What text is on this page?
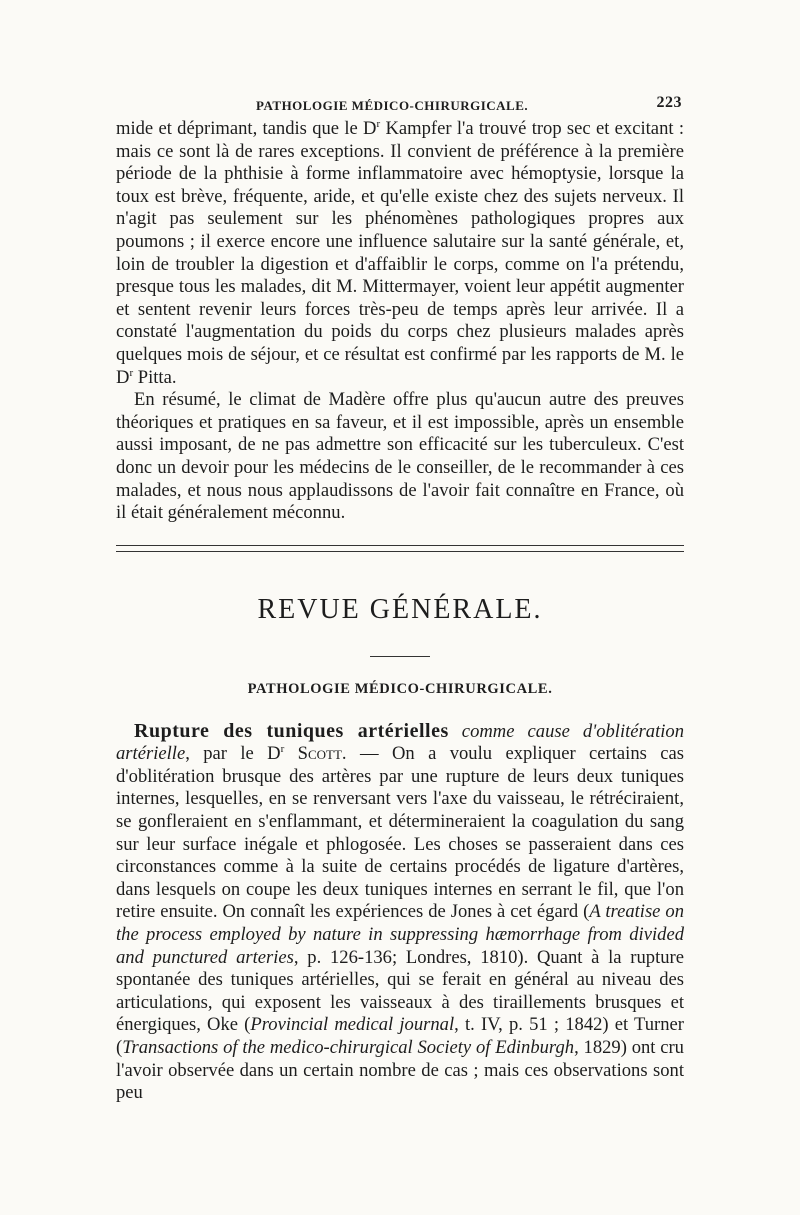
PATHOLOGIE MÉDICO-CHIRURGICALE.	223

mide et déprimant, tandis que le $D^r$ Kampfer l'a trouvé trop sec et excitant : mais ce sont là de rares exceptions. Il convient de préférence à la première période de la phthisie à forme inflammatoire avec hémoptysie, lorsque la toux est brève, fréquente, aride, et qu'elle existe chez des sujets nerveux. Il n'agit pas seulement sur les phénomènes pathologiques propres aux poumons ; il exerce encore une influence salutaire sur la santé générale, et, loin de troubler la digestion et d'affaiblir le corps, comme on l'a prétendu, presque tous les malades, dit M. Mittermayer, voient leur appétit augmenter et sentent revenir leurs forces très-peu de temps après leur arrivée. Il a constaté l'augmentation du poids du corps chez plusieurs malades après quelques mois de séjour, et ce résultat est confirmé par les rapports de M. le $D^r$ Pitta.

En résumé, le climat de Madère offre plus qu'aucun autre des preuves théoriques et pratiques en sa faveur, et il est impossible, après un ensemble aussi imposant, de ne pas admettre son efficacité sur les tuberculeux. C'est donc un devoir pour les médecins de le conseiller, de le recommander à ces malades, et nous nous applaudissons de l'avoir fait connaître en France, où il était généralement méconnu.

REVUE GÉNÉRALE.
PATHOLOGIE MÉDICO-CHIRURGICALE.

Rupture des tuniques artérielles comme cause d'oblitération artérielle, par le $D^r$ Scott. — On a voulu expliquer certains cas d'oblitération brusque des artères par une rupture de leurs deux tuniques internes, lesquelles, en se renversant vers l'axe du vaisseau, le rétréciraient, se gonfleraient en s'enflammant, et détermineraient la coagulation du sang sur leur surface inégale et phlogosée. Les choses se passeraient dans ces circonstances comme à la suite de certains procédés de ligature d'artères, dans lesquels on coupe les deux tuniques internes en serrant le fil, que l'on retire ensuite. On connaît les expériences de Jones à cet égard (A treatise on the process employed by nature in suppressing hæmorrhage from divided and punctured arteries, p. 126-136; Londres, 1810). Quant à la rupture spontanée des tuniques artérielles, qui se ferait en général au niveau des articulations, qui exposent les vaisseaux à des tiraillements brusques et énergiques, Oke (Provincial medical journal, t. IV, p. 51 ; 1842) et Turner (Transactions of the medico-chirurgical Society of Edinburgh, 1829) ont cru l'avoir observée dans un certain nombre de cas ; mais ces observations sont peu
